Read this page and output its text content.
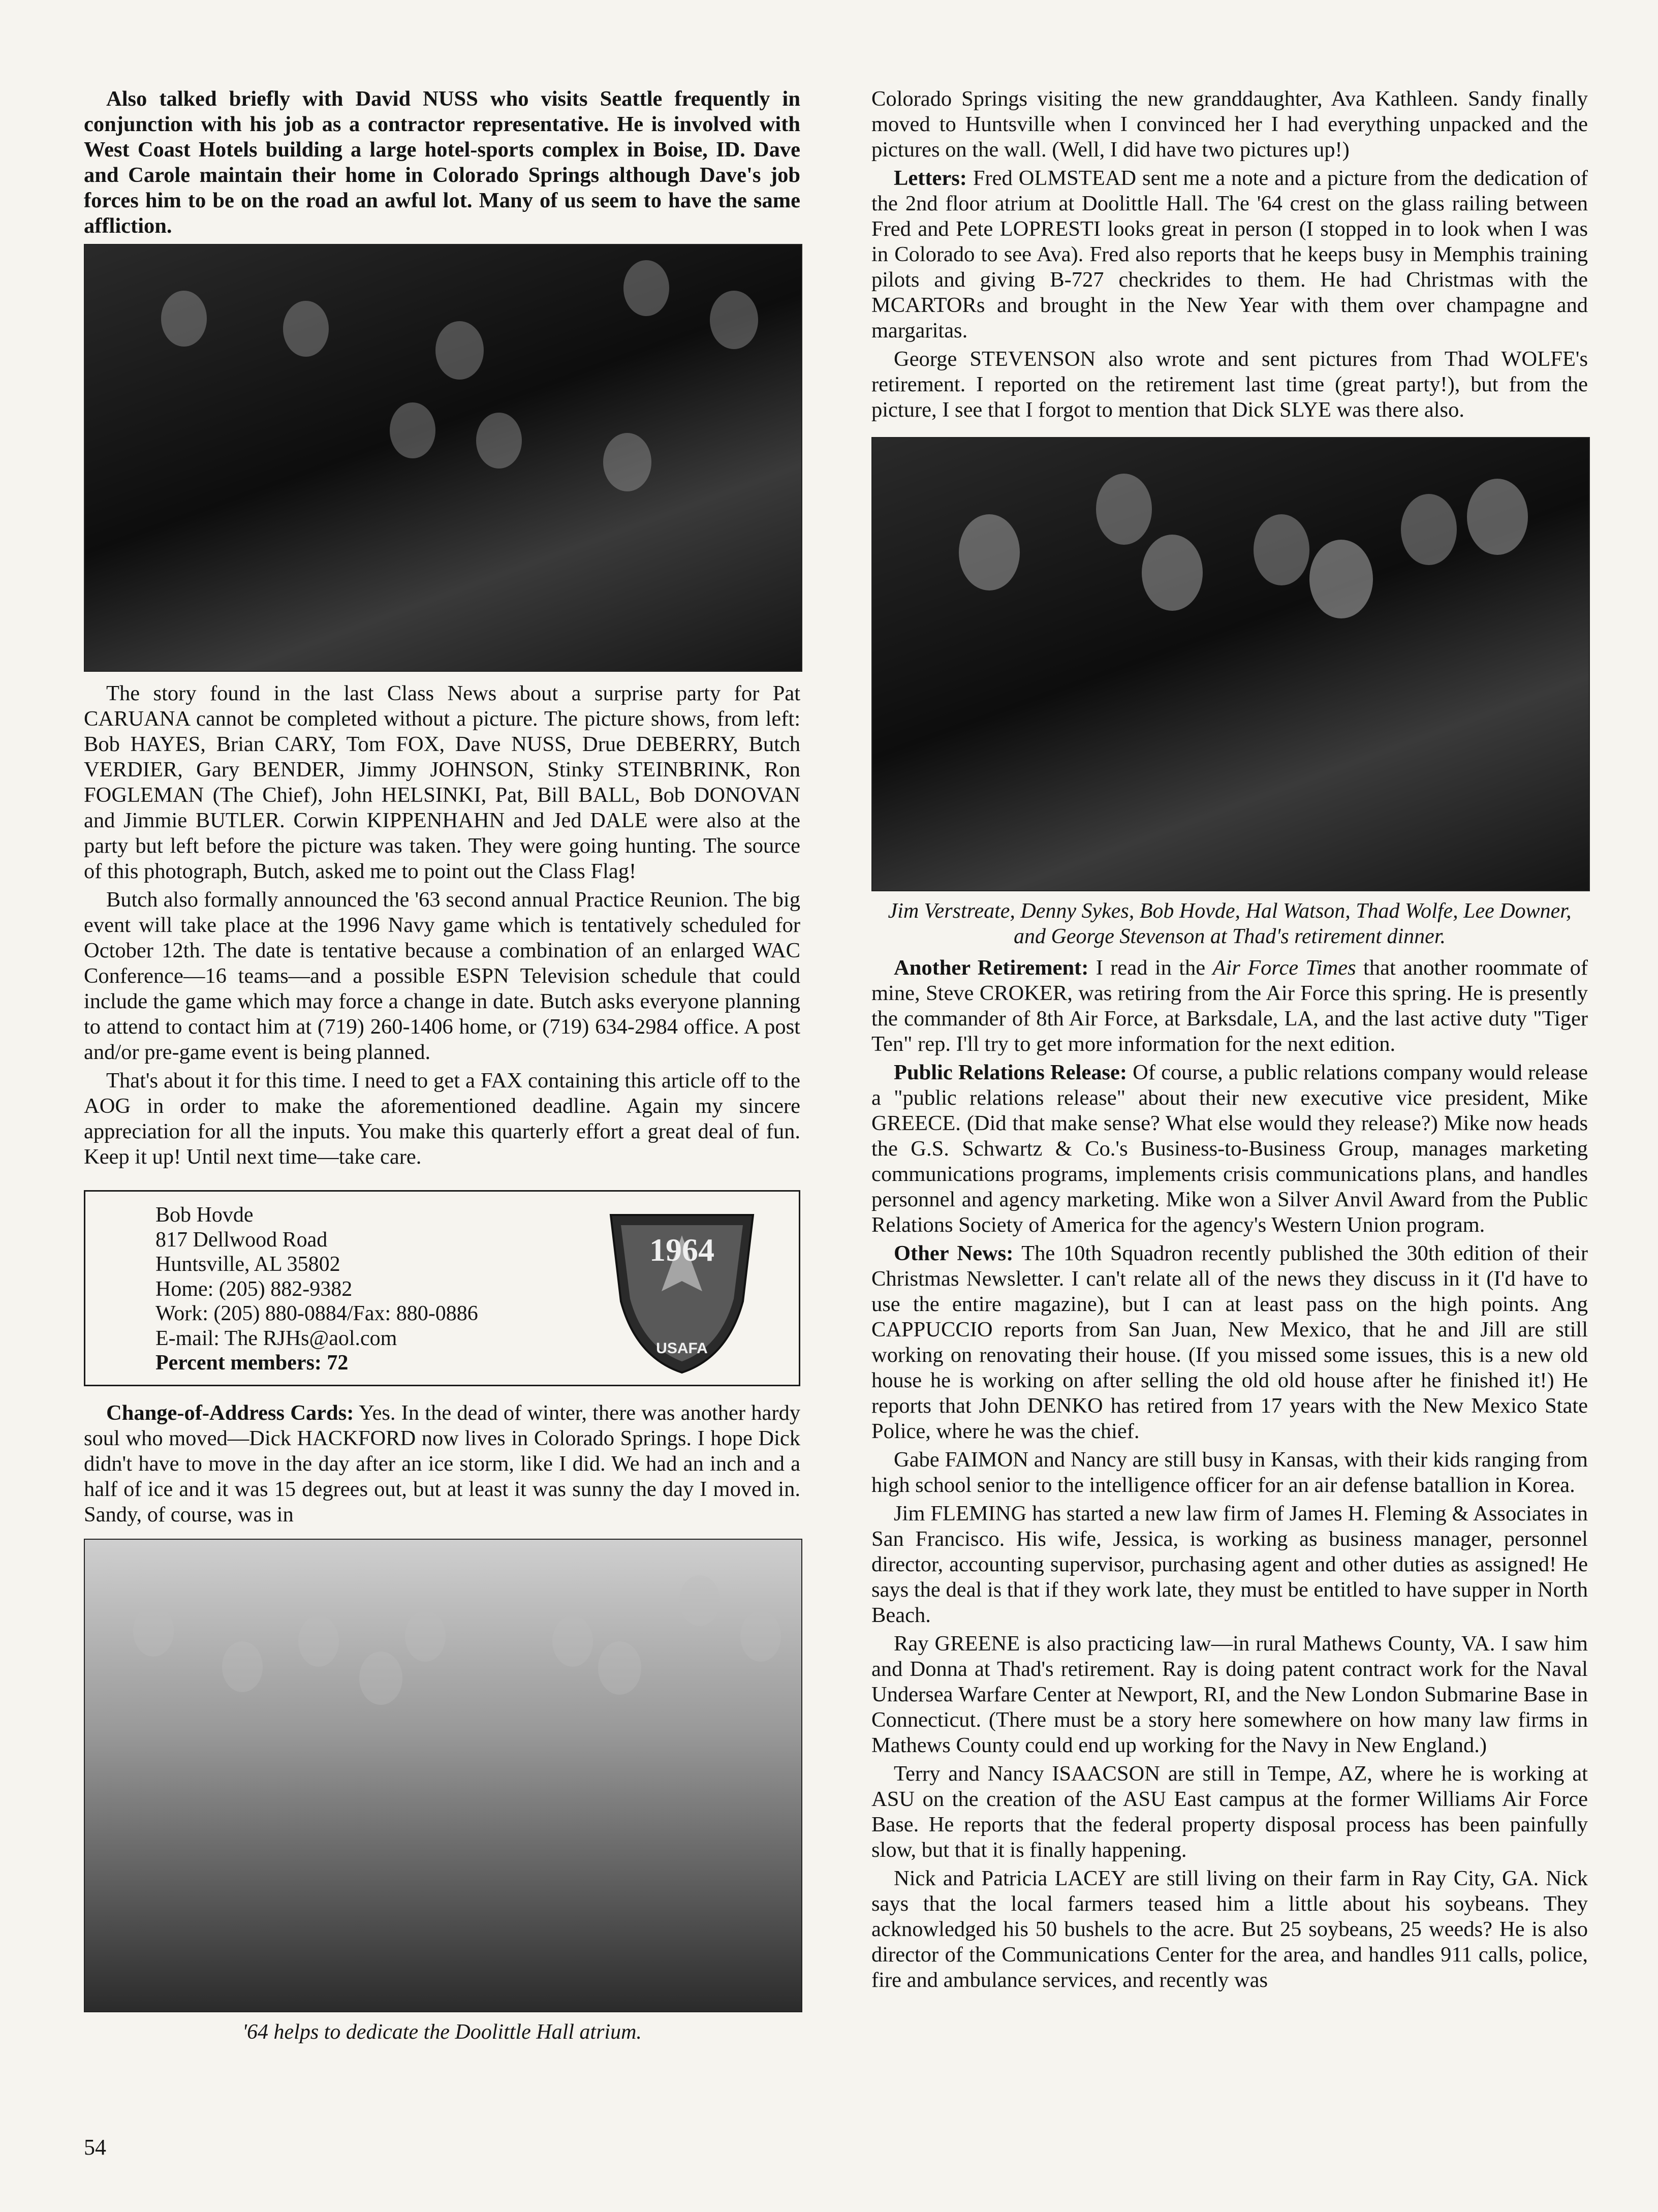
Also talked briefly with David NUSS who visits Seattle frequently in conjunction with his job as a contractor representative. He is involved with West Coast Hotels building a large hotel-sports complex in Boise, ID. Dave and Carole maintain their home in Colorado Springs although Dave's job forces him to be on the road an awful lot. Many of us seem to have the same affliction.

The story found in the last Class News about a surprise party for Pat CARUANA cannot be completed without a picture. The picture shows, from left: Bob HAYES, Brian CARY, Tom FOX, Dave NUSS, Drue DEBERRY, Butch VERDIER, Gary BENDER, Jimmy JOHNSON, Stinky STEINBRINK, Ron FOGLEMAN (The Chief), John HELSINKI, Pat, Bill BALL, Bob DONOVAN and Jimmie BUTLER. Corwin KIPPENHAHN and Jed DALE were also at the party but left before the picture was taken. They were going hunting. The source of this photograph, Butch, asked me to point out the Class Flag!

Butch also formally announced the '63 second annual Practice Reunion. The big event will take place at the 1996 Navy game which is tentatively scheduled for October 12th. The date is tentative because a combination of an enlarged WAC Conference—16 teams—and a possible ESPN Television schedule that could include the game which may force a change in date. Butch asks everyone planning to attend to contact him at (719) 260-1406 home, or (719) 634-2984 office. A post and/or pre-game event is being planned.

That's about it for this time. I need to get a FAX containing this article off to the AOG in order to make the aforementioned deadline. Again my sincere appreciation for all the inputs. You make this quarterly effort a great deal of fun. Keep it up! Until next time—take care.

Bob Hovde
817 Dellwood Road
Huntsville, AL 35802
Home: (205) 882-9382
Work: (205) 880-0884/Fax: 880-0886
E-mail: The RJHs@aol.com
Percent members: 72
1964
USAFA

Change-of-Address Cards: Yes. In the dead of winter, there was another hardy soul who moved—Dick HACKFORD now lives in Colorado Springs. I hope Dick didn't have to move in the day after an ice storm, like I did. We had an inch and a half of ice and it was 15 degrees out, but at least it was sunny the day I moved in. Sandy, of course, was in

'64 helps to dedicate the Doolittle Hall atrium.

Colorado Springs visiting the new granddaughter, Ava Kathleen. Sandy finally moved to Huntsville when I convinced her I had everything unpacked and the pictures on the wall. (Well, I did have two pictures up!)

Letters: Fred OLMSTEAD sent me a note and a picture from the dedication of the 2nd floor atrium at Doolittle Hall. The '64 crest on the glass railing between Fred and Pete LOPRESTI looks great in person (I stopped in to look when I was in Colorado to see Ava). Fred also reports that he keeps busy in Memphis training pilots and giving B-727 checkrides to them. He had Christmas with the MCARTORs and brought in the New Year with them over champagne and margaritas.

George STEVENSON also wrote and sent pictures from Thad WOLFE's retirement. I reported on the retirement last time (great party!), but from the picture, I see that I forgot to mention that Dick SLYE was there also.

Jim Verstreate, Denny Sykes, Bob Hovde, Hal Watson, Thad Wolfe, Lee Downer, and George Stevenson at Thad's retirement dinner.

Another Retirement: I read in the Air Force Times that another roommate of mine, Steve CROKER, was retiring from the Air Force this spring. He is presently the commander of 8th Air Force, at Barksdale, LA, and the last active duty "Tiger Ten" rep. I'll try to get more information for the next edition.

Public Relations Release: Of course, a public relations company would release a "public relations release" about their new executive vice president, Mike GREECE. (Did that make sense? What else would they release?) Mike now heads the G.S. Schwartz & Co.'s Business-to-Business Group, manages marketing communications programs, implements crisis communications plans, and handles personnel and agency marketing. Mike won a Silver Anvil Award from the Public Relations Society of America for the agency's Western Union program.

Other News: The 10th Squadron recently published the 30th edition of their Christmas Newsletter. I can't relate all of the news they discuss in it (I'd have to use the entire magazine), but I can at least pass on the high points. Ang CAPPUCCIO reports from San Juan, New Mexico, that he and Jill are still working on renovating their house. (If you missed some issues, this is a new old house he is working on after selling the old old house after he finished it!) He reports that John DENKO has retired from 17 years with the New Mexico State Police, where he was the chief.

Gabe FAIMON and Nancy are still busy in Kansas, with their kids ranging from high school senior to the intelligence officer for an air defense batallion in Korea.

Jim FLEMING has started a new law firm of James H. Fleming & Associates in San Francisco. His wife, Jessica, is working as business manager, personnel director, accounting supervisor, purchasing agent and other duties as assigned! He says the deal is that if they work late, they must be entitled to have supper in North Beach.

Ray GREENE is also practicing law—in rural Mathews County, VA. I saw him and Donna at Thad's retirement. Ray is doing patent contract work for the Naval Undersea Warfare Center at Newport, RI, and the New London Submarine Base in Connecticut. (There must be a story here somewhere on how many law firms in Mathews County could end up working for the Navy in New England.)

Terry and Nancy ISAACSON are still in Tempe, AZ, where he is working at ASU on the creation of the ASU East campus at the former Williams Air Force Base. He reports that the federal property disposal process has been painfully slow, but that it is finally happening.

Nick and Patricia LACEY are still living on their farm in Ray City, GA. Nick says that the local farmers teased him a little about his soybeans. They acknowledged his 50 bushels to the acre. But 25 soybeans, 25 weeds? He is also director of the Communications Center for the area, and handles 911 calls, police, fire and ambulance services, and recently was

54
